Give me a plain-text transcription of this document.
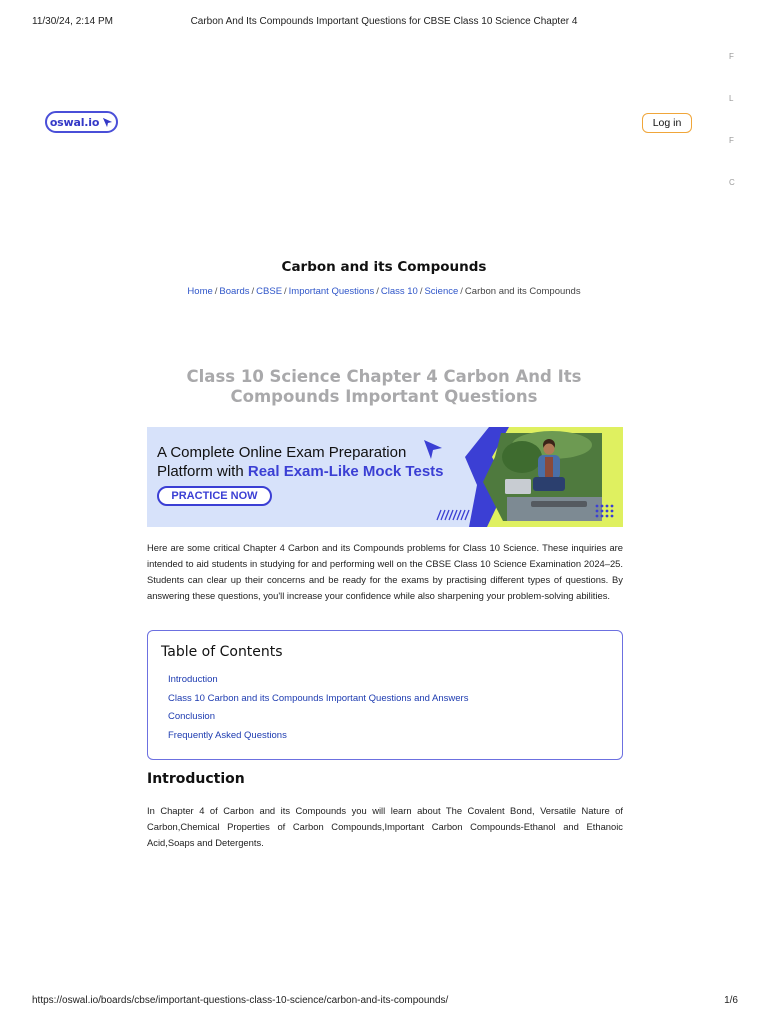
11/30/24, 2:14 PM	Carbon And Its Compounds Important Questions for CBSE Class 10 Science Chapter 4
F
L
F
C
oswal.io	Log in
Carbon and its Compounds
Home / Boards / CBSE / Important Questions / Class 10 / Science / Carbon and its Compounds
Class 10 Science Chapter 4 Carbon And Its Compounds Important Questions
A Complete Online Exam Preparation
Platform with Real Exam-Like Mock Tests
PRACTICE NOW

Here are some critical Chapter 4 Carbon and its Compounds problems for Class 10 Science. These inquiries are intended to aid students in studying for and performing well on the CBSE Class 10 Science Examination 2024–25. Students can clear up their concerns and be ready for the exams by practising different types of questions. By answering these questions, you'll increase your confidence while also sharpening your problem-solving abilities.

Table of Contents
Introduction
Class 10 Carbon and its Compounds Important Questions and Answers
Conclusion
Frequently Asked Questions
Introduction

In Chapter 4 of Carbon and its Compounds you will learn about The Covalent Bond, Versatile Nature of Carbon,Chemical Properties of Carbon Compounds,Important Carbon Compounds-Ethanol and Ethanoic Acid,Soaps and Detergents.

https://oswal.io/boards/cbse/important-questions-class-10-science/carbon-and-its-compounds/	1/6
